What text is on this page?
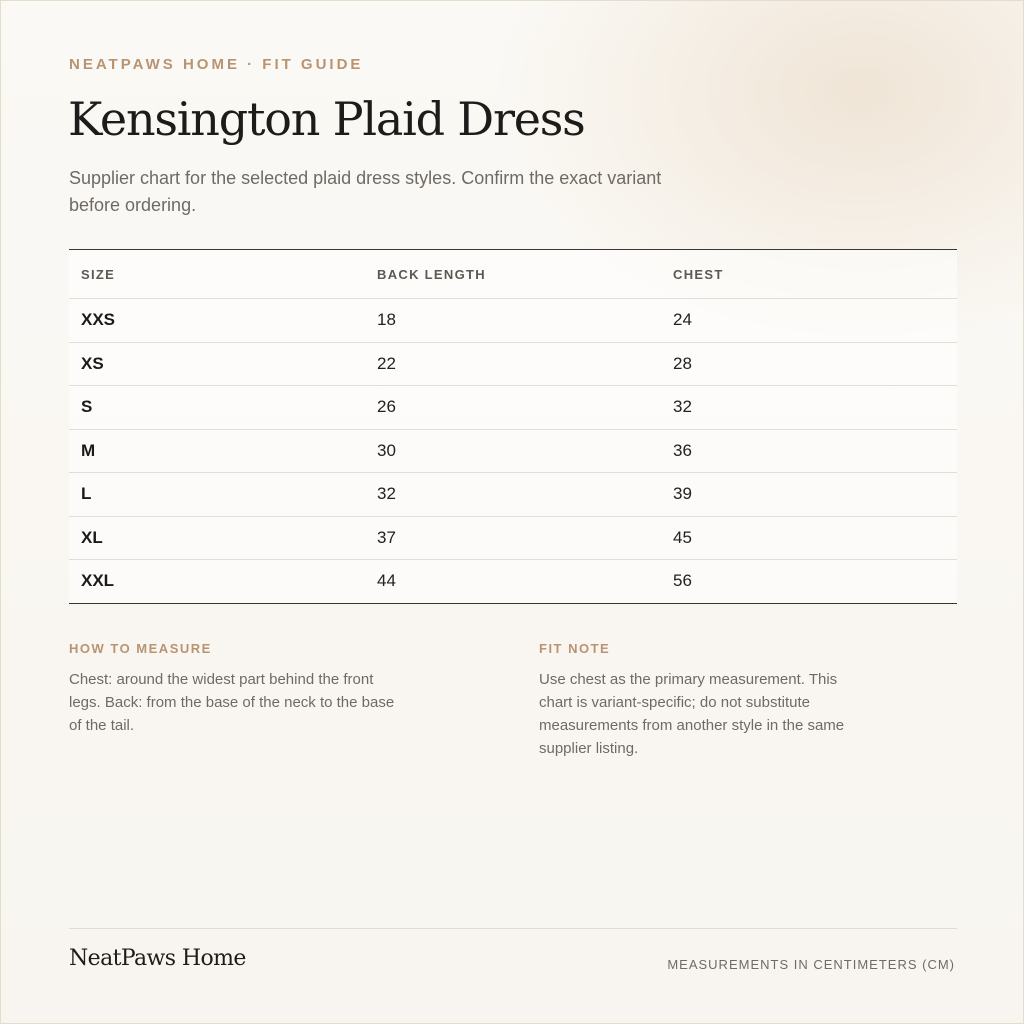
NEATPAWS HOME · FIT GUIDE
Kensington Plaid Dress

Supplier chart for the selected plaid dress styles. Confirm the exact variant before ordering.

SIZE	BACK LENGTH	CHEST
XXS	18	24
XS	22	28
S	26	32
M	30	36
L	32	39
XL	37	45
XXL	44	56
HOW TO MEASURE
Chest: around the widest part behind the front legs. Back: from the base of the neck to the base of the tail.
FIT NOTE
Use chest as the primary measurement. This chart is variant-specific; do not substitute measurements from another style in the same supplier listing.
NeatPaws Home	MEASUREMENTS IN CENTIMETERS (CM)
